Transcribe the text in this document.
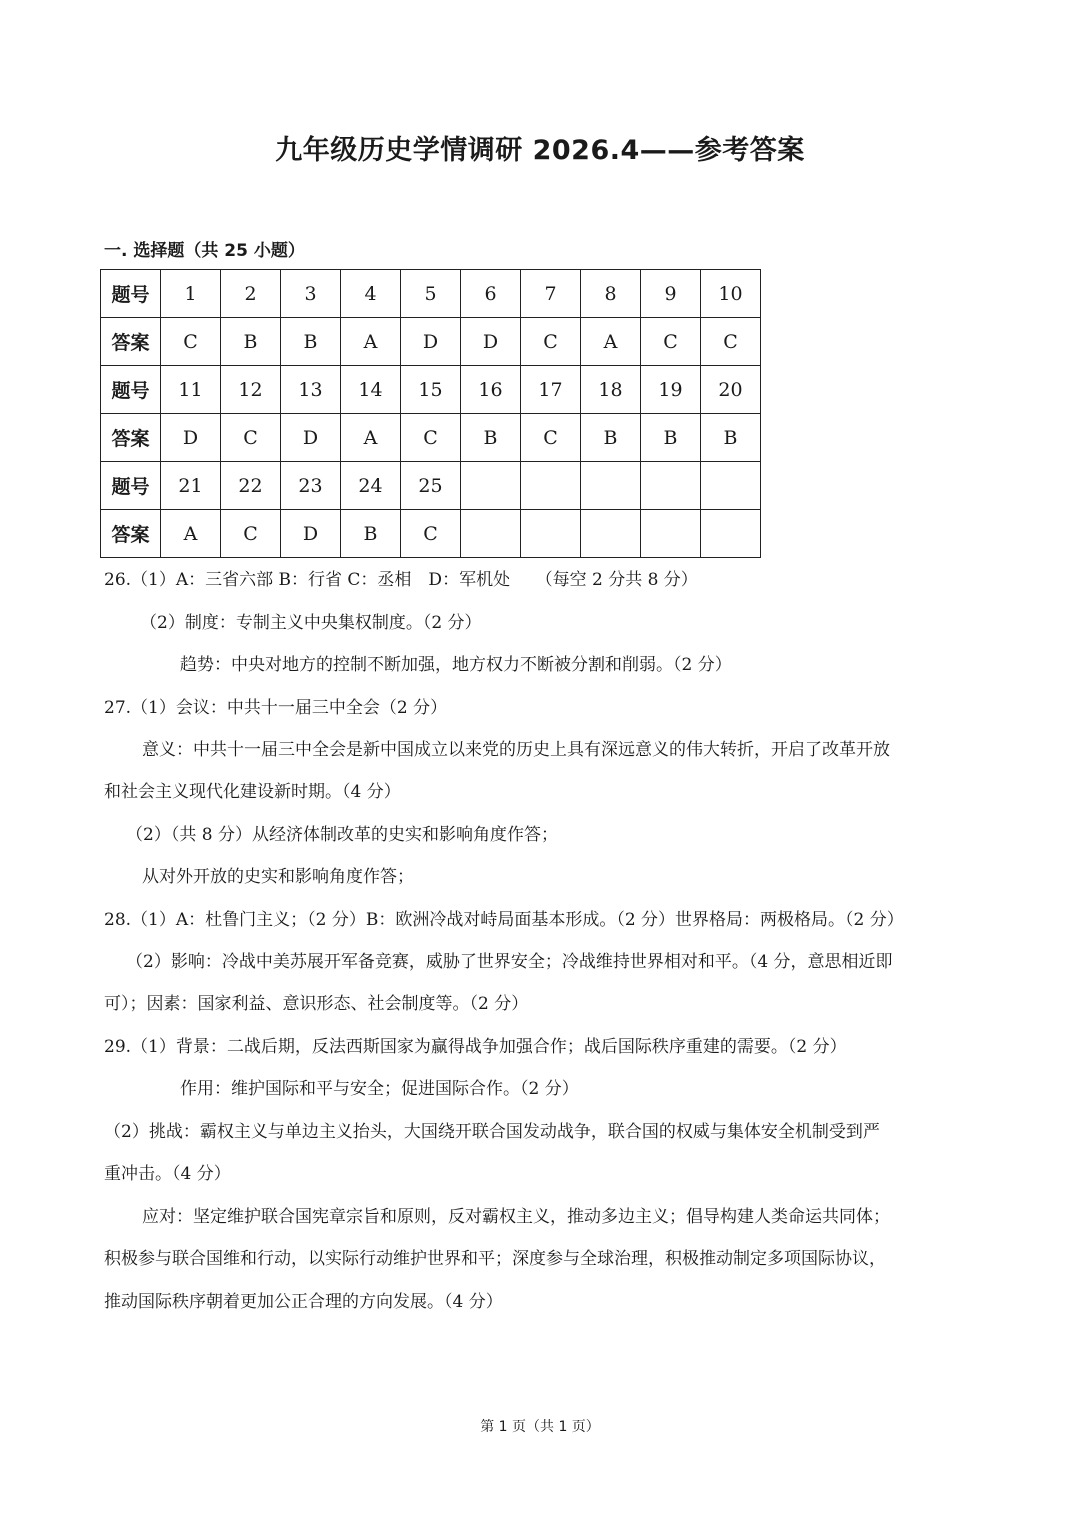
九年级历史学情调研 2026.4——参考答案
一. 选择题（共 25 小题）
题号	1	2	3	4	5	6	7	8	9	10
答案	C	B	B	A	D	D	C	A	C	C
题号	11	12	13	14	15	16	17	18	19	20
答案	D	C	D	A	C	B	C	B	B	B
题号	21	22	23	24	25					
答案	A	C	D	B	C					
26.（1）A：三省六部 B：行省 C：丞相　D：军机处　　（每空 2 分共 8 分）
（2）制度：专制主义中央集权制度。（2 分）
趋势：中央对地方的控制不断加强，地方权力不断被分割和削弱。（2 分）
27.（1）会议：中共十一届三中全会（2 分）
意义：中共十一届三中全会是新中国成立以来党的历史上具有深远意义的伟大转折，开启了改革开放
和社会主义现代化建设新时期。（4 分）
（2）（共 8 分）从经济体制改革的史实和影响角度作答；
从对外开放的史实和影响角度作答；
28.（1）A：杜鲁门主义；（2 分）B：欧洲冷战对峙局面基本形成。（2 分）世界格局：两极格局。（2 分）
（2）影响：冷战中美苏展开军备竞赛，威胁了世界安全；冷战维持世界相对和平。（4 分，意思相近即
可）；因素：国家利益、意识形态、社会制度等。（2 分）
29.（1）背景：二战后期，反法西斯国家为赢得战争加强合作；战后国际秩序重建的需要。（2 分）
作用：维护国际和平与安全；促进国际合作。（2 分）
（2）挑战：霸权主义与单边主义抬头，大国绕开联合国发动战争，联合国的权威与集体安全机制受到严
重冲击。（4 分）
应对：坚定维护联合国宪章宗旨和原则，反对霸权主义，推动多边主义；倡导构建人类命运共同体；
积极参与联合国维和行动，以实际行动维护世界和平；深度参与全球治理，积极推动制定多项国际协议，
推动国际秩序朝着更加公正合理的方向发展。（4 分）
第 1 页（共 1 页）
